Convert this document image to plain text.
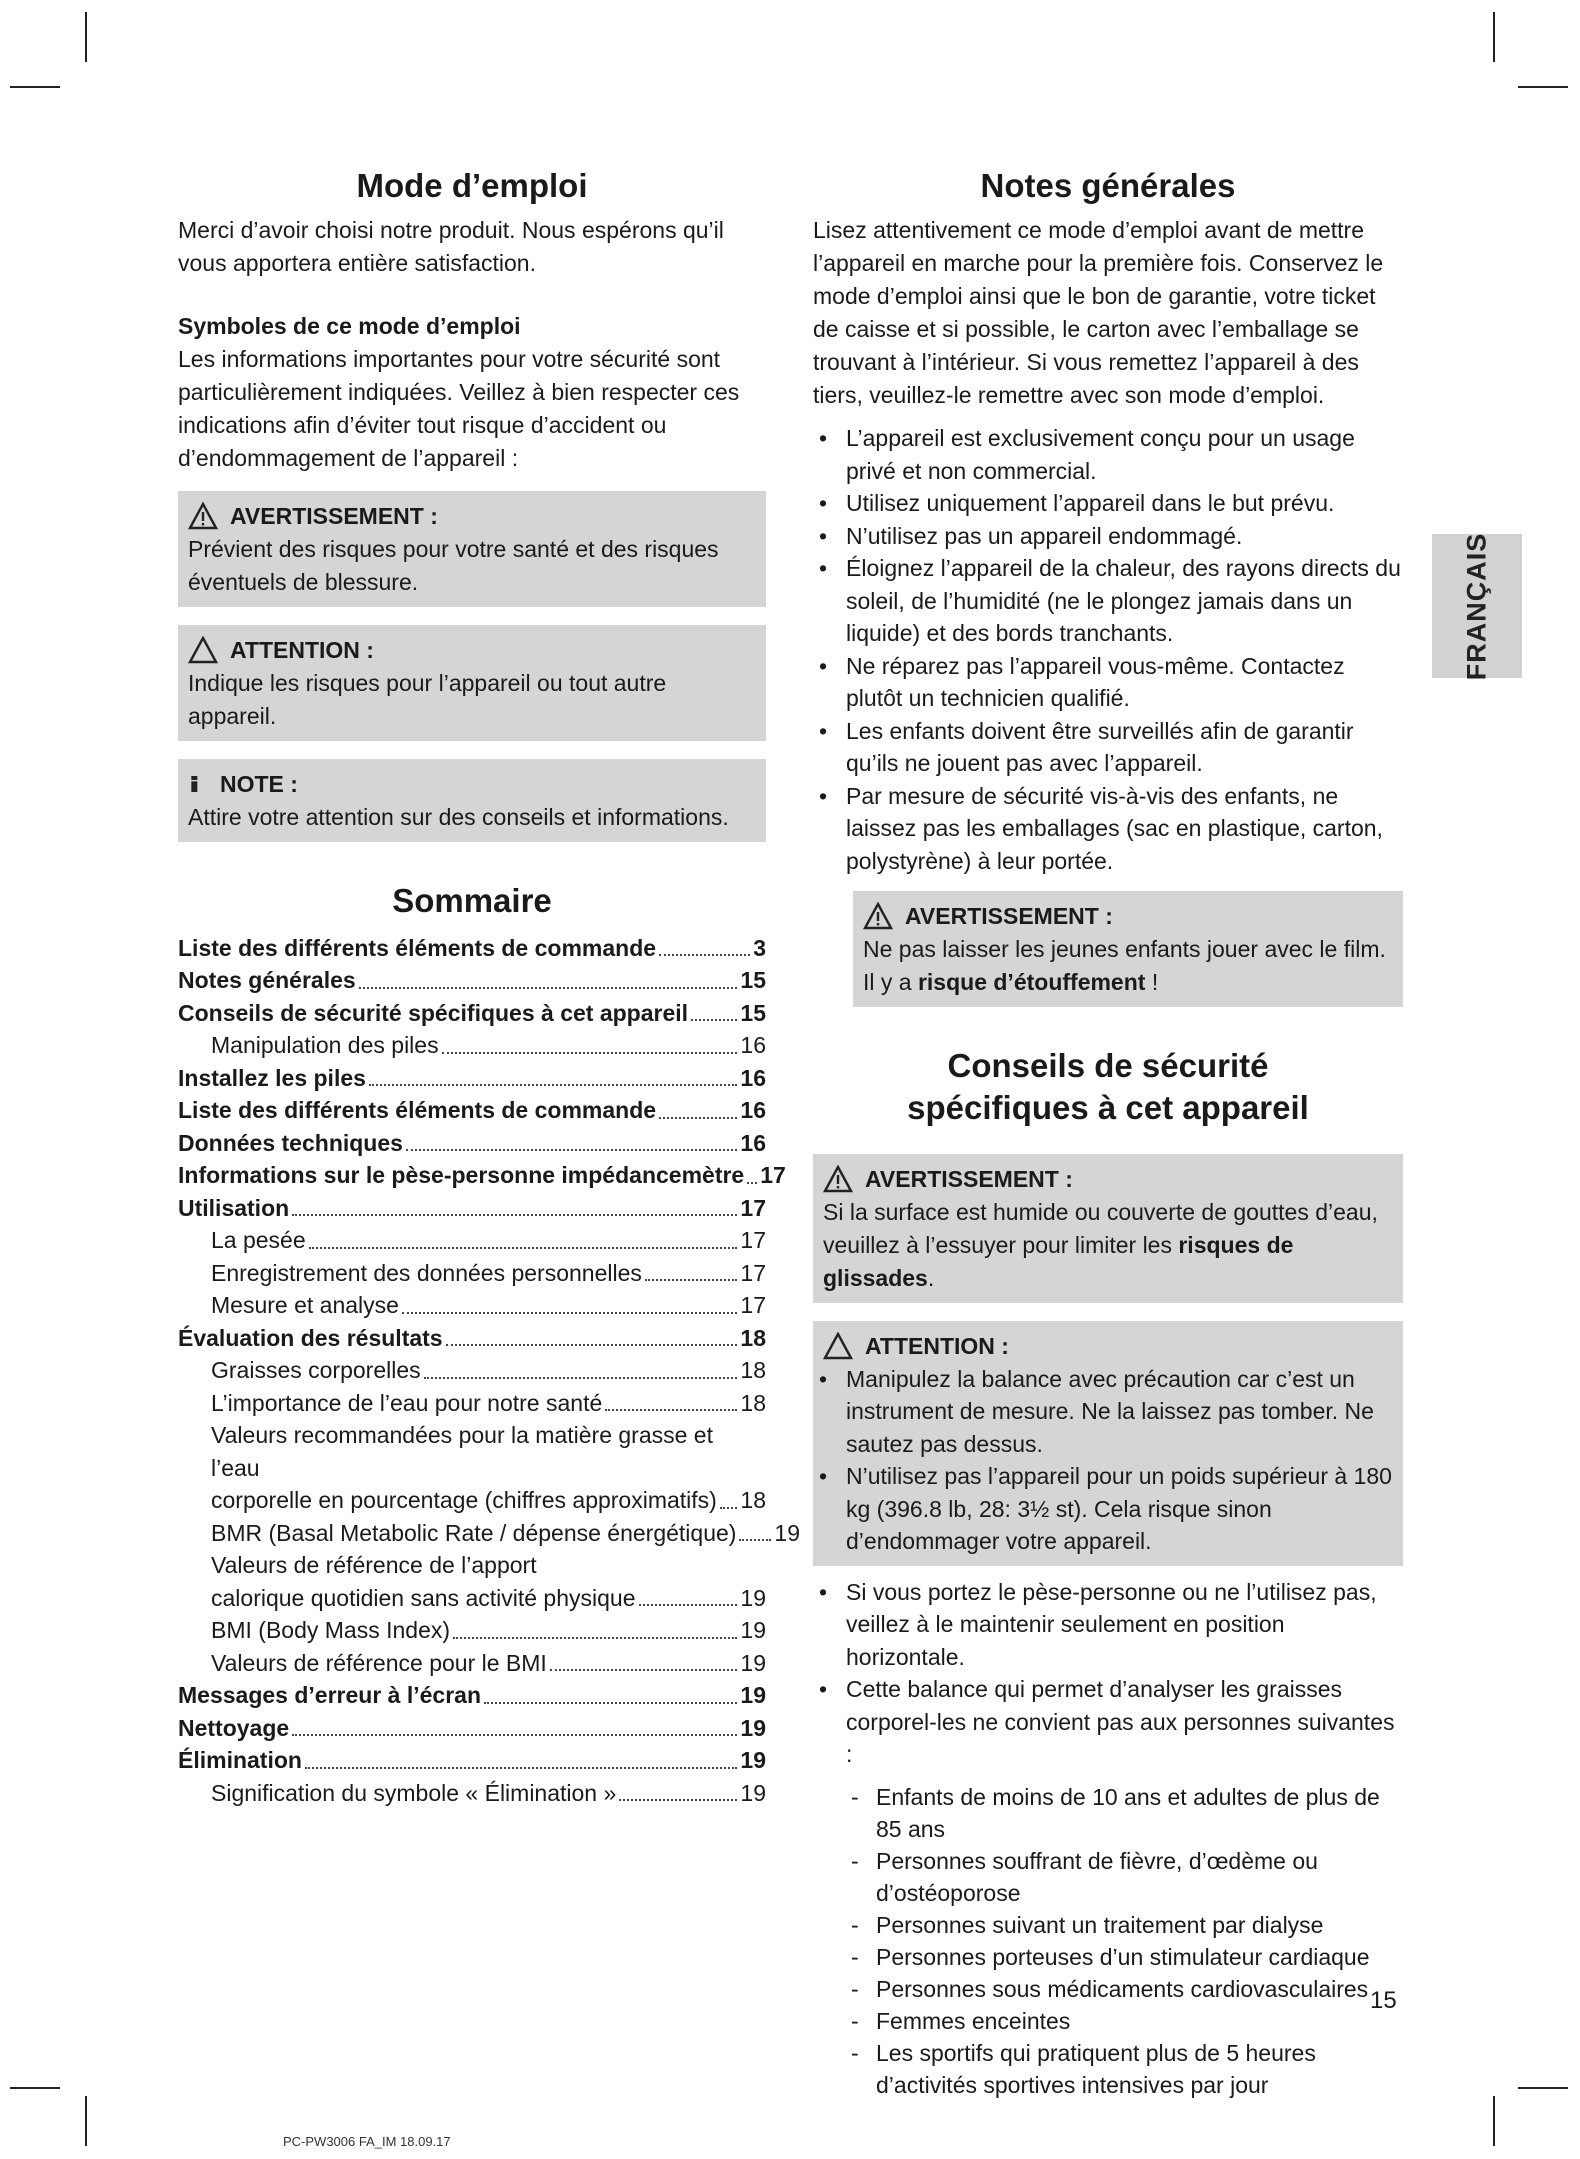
FRANÇAIS
Mode d’emploi

Merci d’avoir choisi notre produit. Nous espérons qu’il vous apportera entière satisfaction.

Symboles de ce mode d’emploi

Les informations importantes pour votre sécurité sont particulièrement indiquées. Veillez à bien respecter ces indications afin d’éviter tout risque d’accident ou d’endommagement de l’appareil :

AVERTISSEMENT :
Prévient des risques pour votre santé et des risques éventuels de blessure.
ATTENTION :
Indique les risques pour l’appareil ou tout autre appareil.
NOTE :
Attire votre attention sur des conseils et informations.
Sommaire
Liste des différents éléments de commande	3
Notes générales	15
Conseils de sécurité spécifiques à cet appareil 15
Manipulation des piles	16
Installez les piles	16
Liste des différents éléments de commande	16
Données techniques	16
Informations sur le pèse-personne impédancemètre 17
Utilisation	17
La pesée	17
Enregistrement des données personnelles	17
Mesure et analyse	17
Évaluation des résultats	18
Graisses corporelles	18
L’importance de l’eau pour notre santé	18
Valeurs recommandées pour la matière grasse et l’eau
corporelle en pourcentage (chiffres approximatifs) 18
BMR (Basal Metabolic Rate / dépense énergétique) 19
Valeurs de référence de l’apport
calorique quotidien sans activité physique	19
BMI (Body Mass Index)	19
Valeurs de référence pour le BMI	19
Messages d’erreur à l’écran	19
Nettoyage	19
Élimination	19
Signification du symbole « Élimination »	19
Notes générales

Lisez attentivement ce mode d’emploi avant de mettre l’appareil en marche pour la première fois. Conservez le mode d’emploi ainsi que le bon de garantie, votre ticket de caisse et si possible, le carton avec l’emballage se trouvant à l’intérieur. Si vous remettez l’appareil à des tiers, veuillez-le remettre avec son mode d’emploi.

• L’appareil est exclusivement conçu pour un usage privé et non commercial.
• Utilisez uniquement l’appareil dans le but prévu.
• N’utilisez pas un appareil endommagé.
• Éloignez l’appareil de la chaleur, des rayons directs du soleil, de l’humidité (ne le plongez jamais dans un liquide) et des bords tranchants.
• Ne réparez pas l’appareil vous-même. Contactez plutôt un technicien qualifié.
• Les enfants doivent être surveillés afin de garantir qu’ils ne jouent pas avec l’appareil.
• Par mesure de sécurité vis-à-vis des enfants, ne laissez pas les emballages (sac en plastique, carton, polystyrène) à leur portée.
AVERTISSEMENT :
Ne pas laisser les jeunes enfants jouer avec le film. Il y a risque d’étouffement !
Conseils de sécurité
spécifiques à cet appareil
AVERTISSEMENT :
Si la surface est humide ou couverte de gouttes d’eau, veuillez à l’essuyer pour limiter les risques de glissades.
ATTENTION :
• Manipulez la balance avec précaution car c’est un instrument de mesure. Ne la laissez pas tomber. Ne sautez pas dessus.
• N’utilisez pas l’appareil pour un poids supérieur à 180 kg (396.8 lb, 28: 3½ st). Cela risque sinon d’endommager votre appareil.
• Si vous portez le pèse-personne ou ne l’utilisez pas, veillez à le maintenir seulement en position horizontale.
• Cette balance qui permet d’analyser les graisses corporel-les ne convient pas aux personnes suivantes :
- Enfants de moins de 10 ans et adultes de plus de 85 ans
- Personnes souffrant de fièvre, d’œdème ou d’ostéoporose
- Personnes suivant un traitement par dialyse
- Personnes porteuses d’un stimulateur cardiaque
- Personnes sous médicaments cardiovasculaires
- Femmes enceintes
- Les sportifs qui pratiquent plus de 5 heures d’activités sportives intensives par jour
15
PC-PW3006 FA_IM 18.09.17
